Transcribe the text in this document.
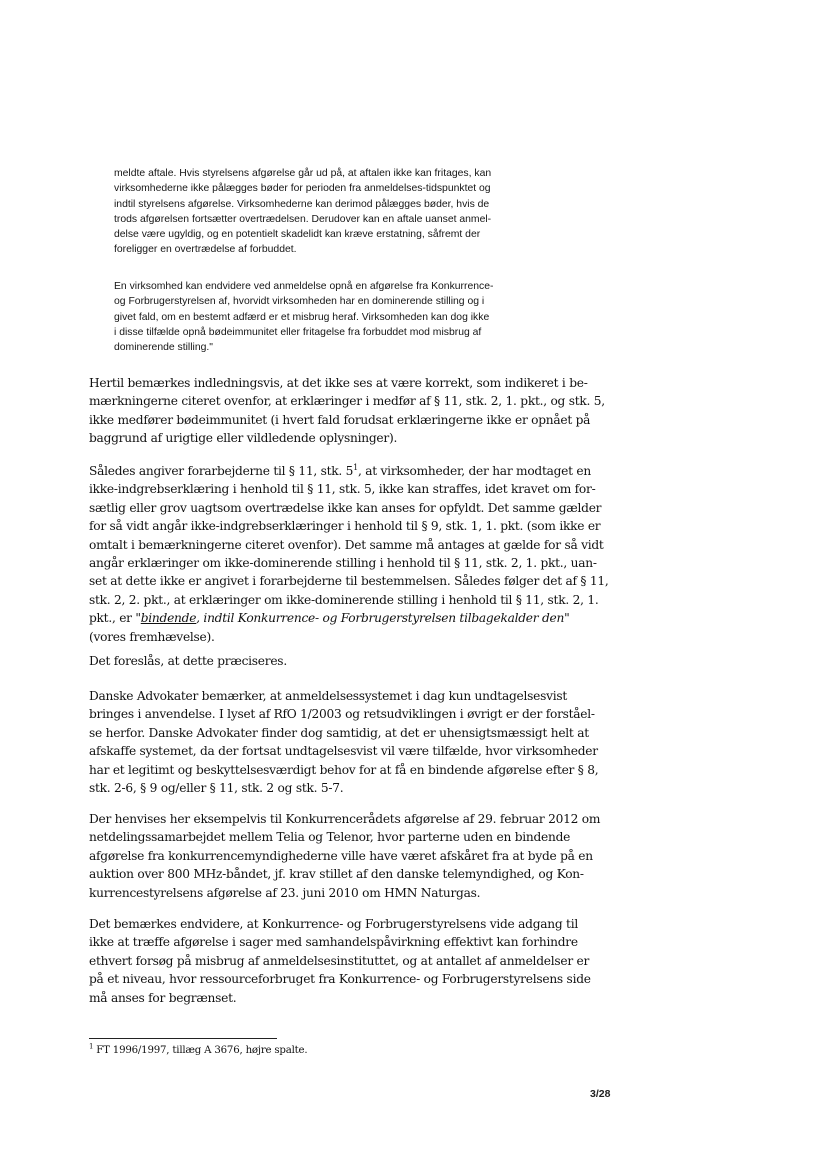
meldte aftale. Hvis styrelsens afgørelse går ud på, at aftalen ikke kan fritages, kan
virksomhederne ikke pålægges bøder for perioden fra anmeldelses-tidspunktet og
indtil styrelsens afgørelse. Virksomhederne kan derimod pålægges bøder, hvis de
trods afgørelsen fortsætter overtrædelsen. Derudover kan en aftale uanset anmel-
delse være ugyldig, og en potentielt skadelidt kan kræve erstatning, såfremt der
foreligger en overtrædelse af forbuddet.
En virksomhed kan endvidere ved anmeldelse opnå en afgørelse fra Konkurrence-
og Forbrugerstyrelsen af, hvorvidt virksomheden har en dominerende stilling og i
givet fald, om en bestemt adfærd er et misbrug heraf. Virksomheden kan dog ikke
i disse tilfælde opnå bødeimmunitet eller fritagelse fra forbuddet mod misbrug af
dominerende stilling."
Hertil bemærkes indledningsvis, at det ikke ses at være korrekt, som indikeret i be-
mærkningerne citeret ovenfor, at erklæringer i medfør af § 11, stk. 2, 1. pkt., og stk. 5,
ikke medfører bødeimmunitet (i hvert fald forudsat erklæringerne ikke er opnået på
baggrund af urigtige eller vildledende oplysninger).
Således angiver forarbejderne til § 11, stk. $5^1$, at virksomheder, der har modtaget en
ikke-indgrebserklæring i henhold til § 11, stk. 5, ikke kan straffes, idet kravet om for-
sætlig eller grov uagtsom overtrædelse ikke kan anses for opfyldt. Det samme gælder
for så vidt angår ikke-indgrebserklæringer i henhold til § 9, stk. 1, 1. pkt. (som ikke er
omtalt i bemærkningerne citeret ovenfor). Det samme må antages at gælde for så vidt
angår erklæringer om ikke-dominerende stilling i henhold til § 11, stk. 2, 1. pkt., uan-
set at dette ikke er angivet i forarbejderne til bestemmelsen. Således følger det af § 11,
stk. 2, 2. pkt., at erklæringer om ikke-dominerende stilling i henhold til § 11, stk. 2, 1.
pkt., er "bindende, indtil Konkurrence- og Forbrugerstyrelsen tilbagekalder den"
(vores fremhævelse).
Det foreslås, at dette præciseres.
Danske Advokater bemærker, at anmeldelsessystemet i dag kun undtagelsesvist
bringes i anvendelse. I lyset af RfO 1/2003 og retsudviklingen i øvrigt er der forståel-
se herfor. Danske Advokater finder dog samtidig, at det er uhensigtsmæssigt helt at
afskaffe systemet, da der fortsat undtagelsesvist vil være tilfælde, hvor virksomheder
har et legitimt og beskyttelsesværdigt behov for at få en bindende afgørelse efter § 8,
stk. 2-6, § 9 og/eller § 11, stk. 2 og stk. 5-7.
Der henvises her eksempelvis til Konkurrencerådets afgørelse af 29. februar 2012 om
netdelingssamarbejdet mellem Telia og Telenor, hvor parterne uden en bindende
afgørelse fra konkurrencemyndighederne ville have været afskåret fra at byde på en
auktion over 800 MHz-båndet, jf. krav stillet af den danske telemyndighed, og Kon-
kurrencestyrelsens afgørelse af 23. juni 2010 om HMN Naturgas.
Det bemærkes endvidere, at Konkurrence- og Forbrugerstyrelsens vide adgang til
ikke at træffe afgørelse i sager med samhandelspåvirkning effektivt kan forhindre
ethvert forsøg på misbrug af anmeldelsesinstituttet, og at antallet af anmeldelser er
på et niveau, hvor ressourceforbruget fra Konkurrence- og Forbrugerstyrelsens side
må anses for begrænset.
$^1$ FT 1996/1997, tillæg A 3676, højre spalte.
3/28
